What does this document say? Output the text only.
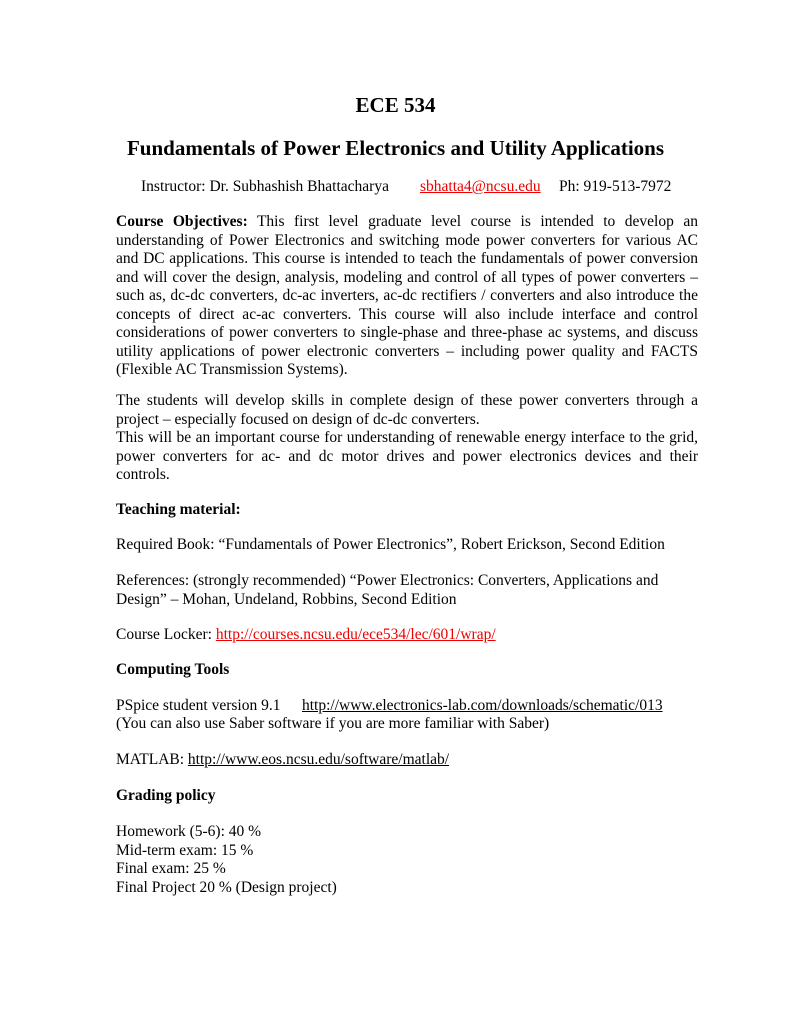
ECE 534
Fundamentals of Power Electronics and Utility Applications
Instructor: Dr. Subhashish Bhattacharya sbhatta4@ncsu.edu Ph: 919-513-7972

Course Objectives: This first level graduate level course is intended to develop an understanding of Power Electronics and switching mode power converters for various AC and DC applications. This course is intended to teach the fundamentals of power conversion and will cover the design, analysis, modeling and control of all types of power converters – such as, dc-dc converters, dc-ac inverters, ac-dc rectifiers / converters and also introduce the concepts of direct ac-ac converters. This course will also include interface and control considerations of power converters to single-phase and three-phase ac systems, and discuss utility applications of power electronic converters – including power quality and FACTS (Flexible AC Transmission Systems).

The students will develop skills in complete design of these power converters through a project – especially focused on design of dc-dc converters.

This will be an important course for understanding of renewable energy interface to the grid, power converters for ac- and dc motor drives and power electronics devices and their controls.

Teaching material:

Required Book: “Fundamentals of Power Electronics”, Robert Erickson, Second Edition

References: (strongly recommended) “Power Electronics: Converters, Applications and Design” – Mohan, Undeland, Robbins, Second Edition

Course Locker: http://courses.ncsu.edu/ece534/lec/601/wrap/

Computing Tools

PSpice student version 9.1 http://www.electronics-lab.com/downloads/schematic/013

(You can also use Saber software if you are more familiar with Saber)

MATLAB: http://www.eos.ncsu.edu/software/matlab/

Grading policy

Homework (5-6): 40 %
Mid-term exam: 15 %
Final exam: 25 %
Final Project 20 % (Design project)
